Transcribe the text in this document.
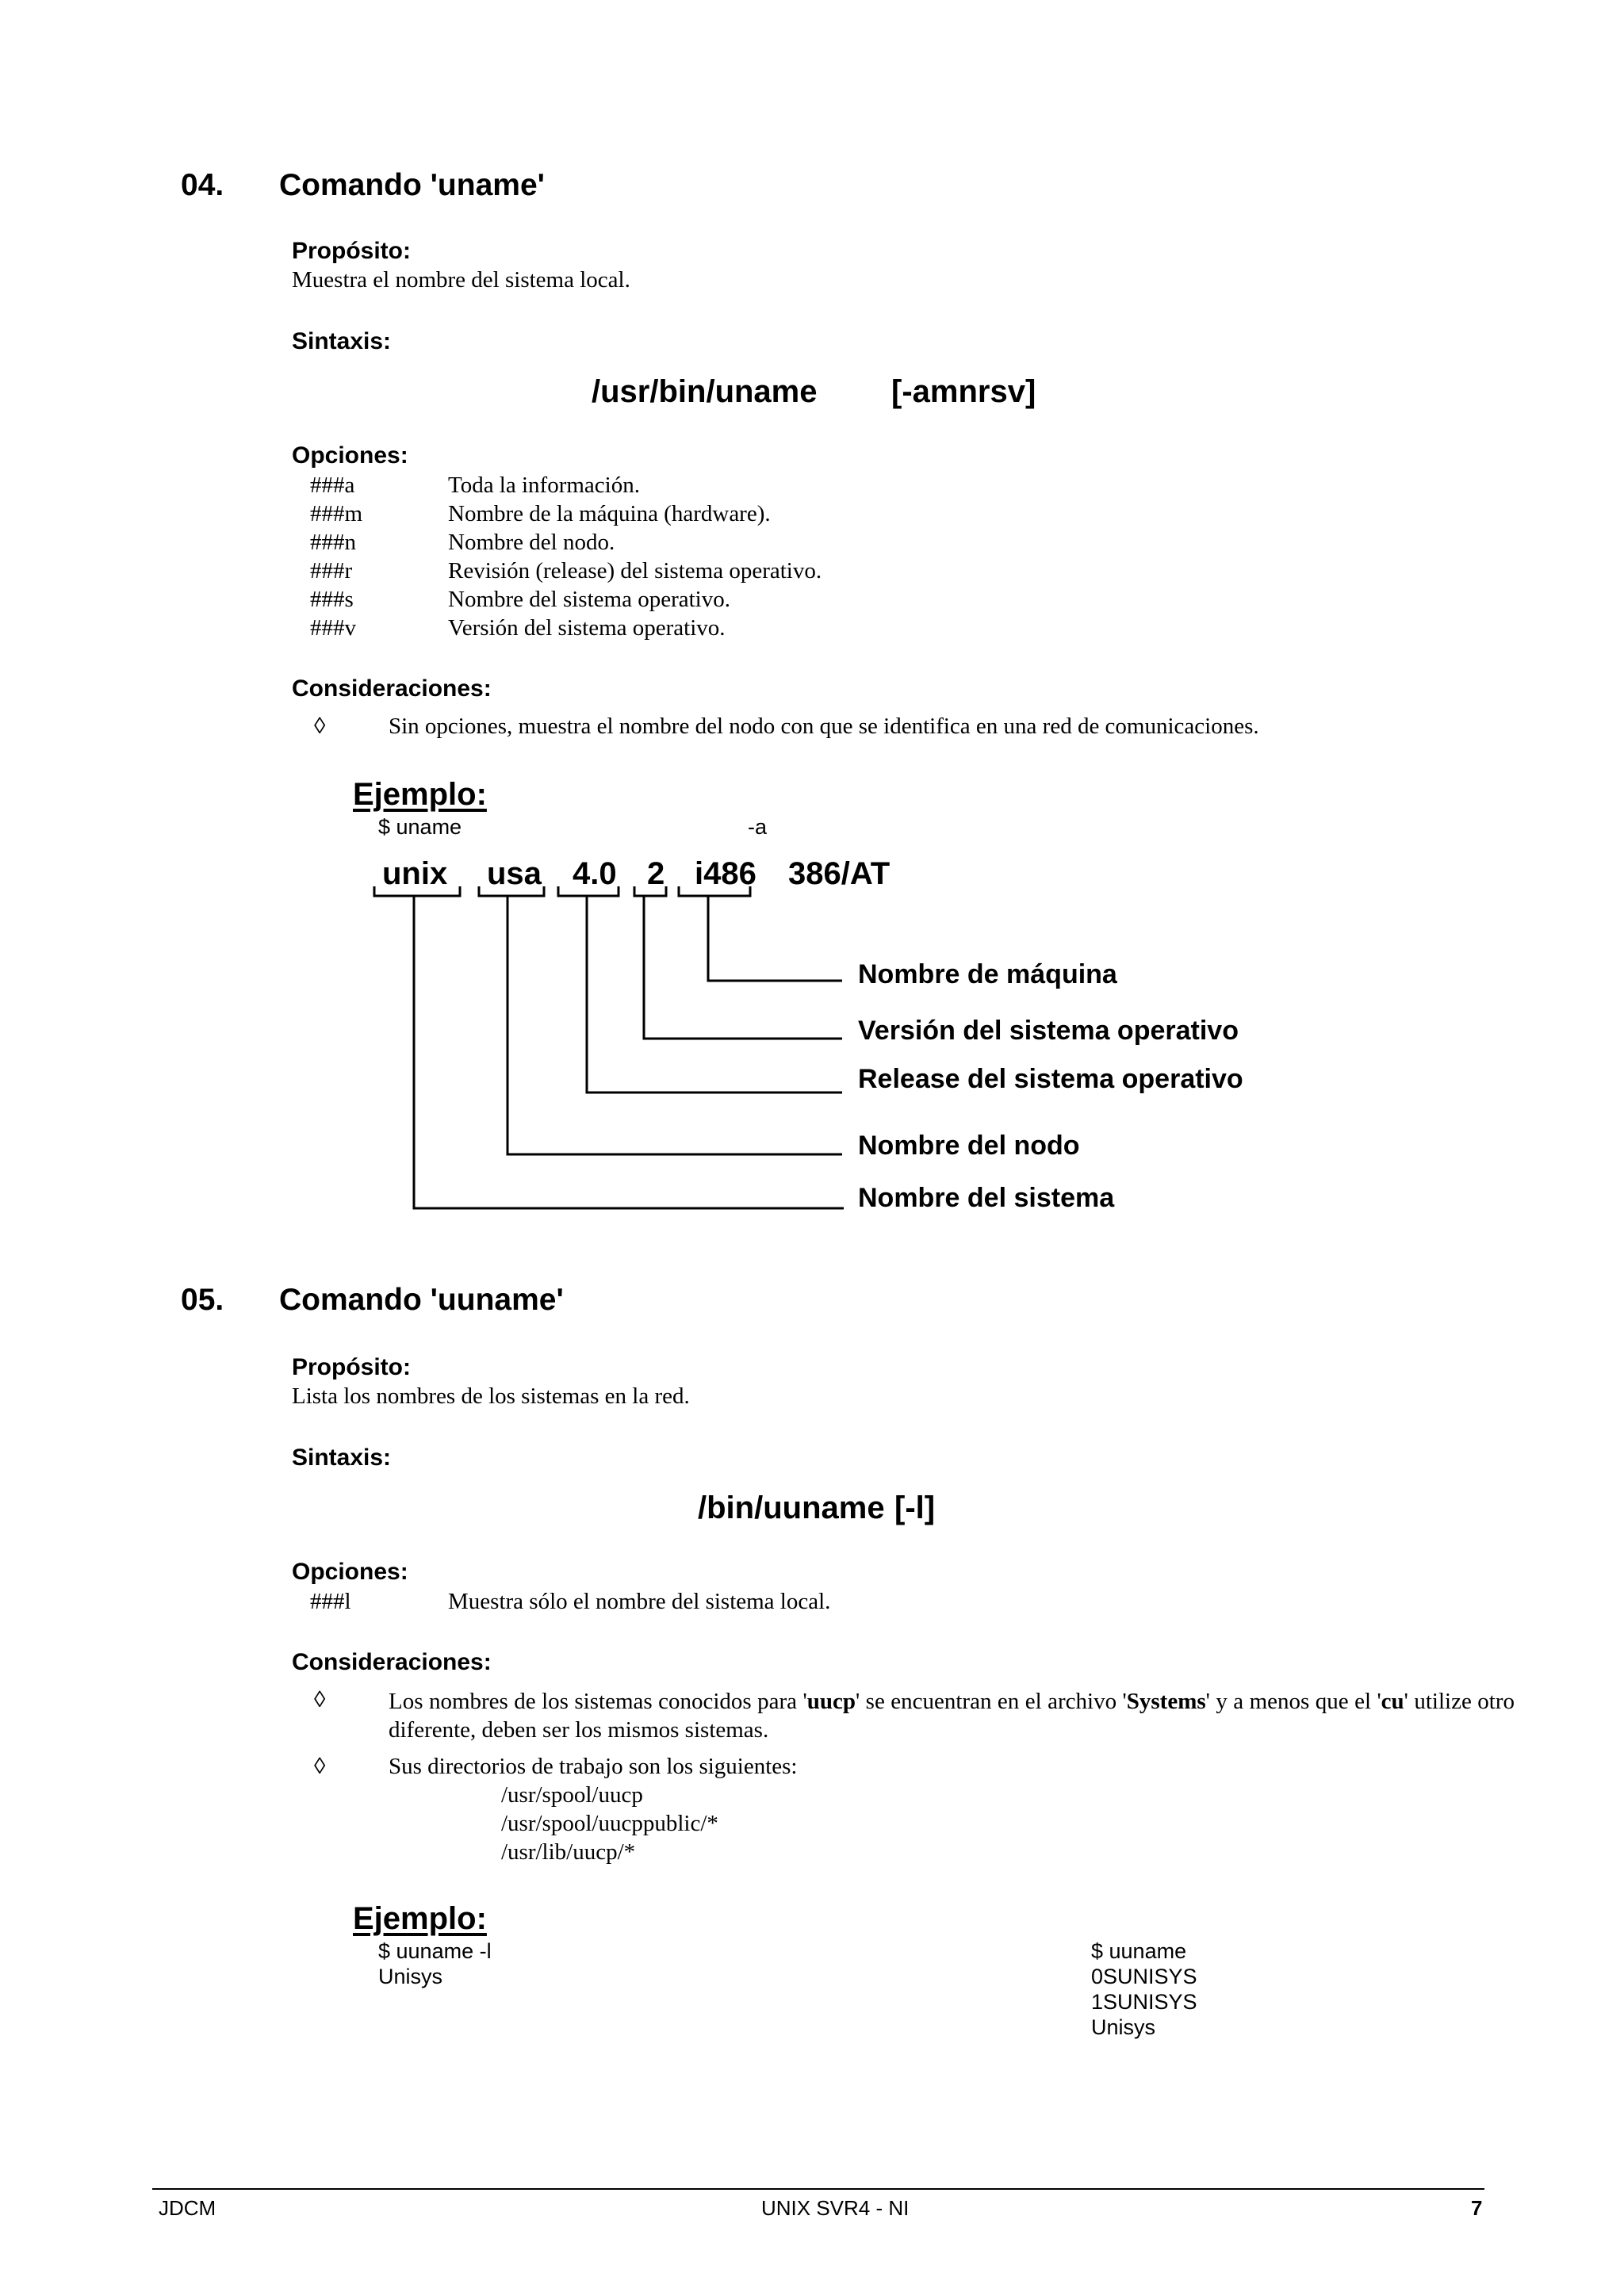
04. Comando 'uname'
Propósito:
Muestra el nombre del sistema local.
Sintaxis:
/usr/bin/uname [-amnrsv]
Opciones:
###a	Toda la información.
###m	Nombre de la máquina (hardware).
###n	Nombre del nodo.
###r	Revisión (release) del sistema operativo.
###s	Nombre del sistema operativo.
###v	Versión del sistema operativo.
Consideraciones:
◊	Sin opciones, muestra el nombre del nodo con que se identifica en una red de comunicaciones.
Ejemplo:
$ uname	-a
unix usa 4.0 2 i486 386/AT
Nombre de máquina
Versión del sistema operativo
Release del sistema operativo
Nombre del nodo
Nombre del sistema
05. Comando 'uuname'
Propósito:
Lista los nombres de los sistemas en la red.
Sintaxis:
/bin/uuname [-l]
Opciones:
###l	Muestra sólo el nombre del sistema local.
Consideraciones:
◊	Los nombres de los sistemas conocidos para 'uucp' se encuentran en el archivo 'Systems' y a menos que el 'cu' utilize otro diferente, deben ser los mismos sistemas.
◊	Sus directorios de trabajo son los siguientes:
/usr/spool/uucp
/usr/spool/uucppublic/*
/usr/lib/uucp/*
Ejemplo:
$ uuname -l
Unisys
$ uuname
0SUNISYS
1SUNISYS
Unisys
JDCM	UNIX SVR4 - NI	7
